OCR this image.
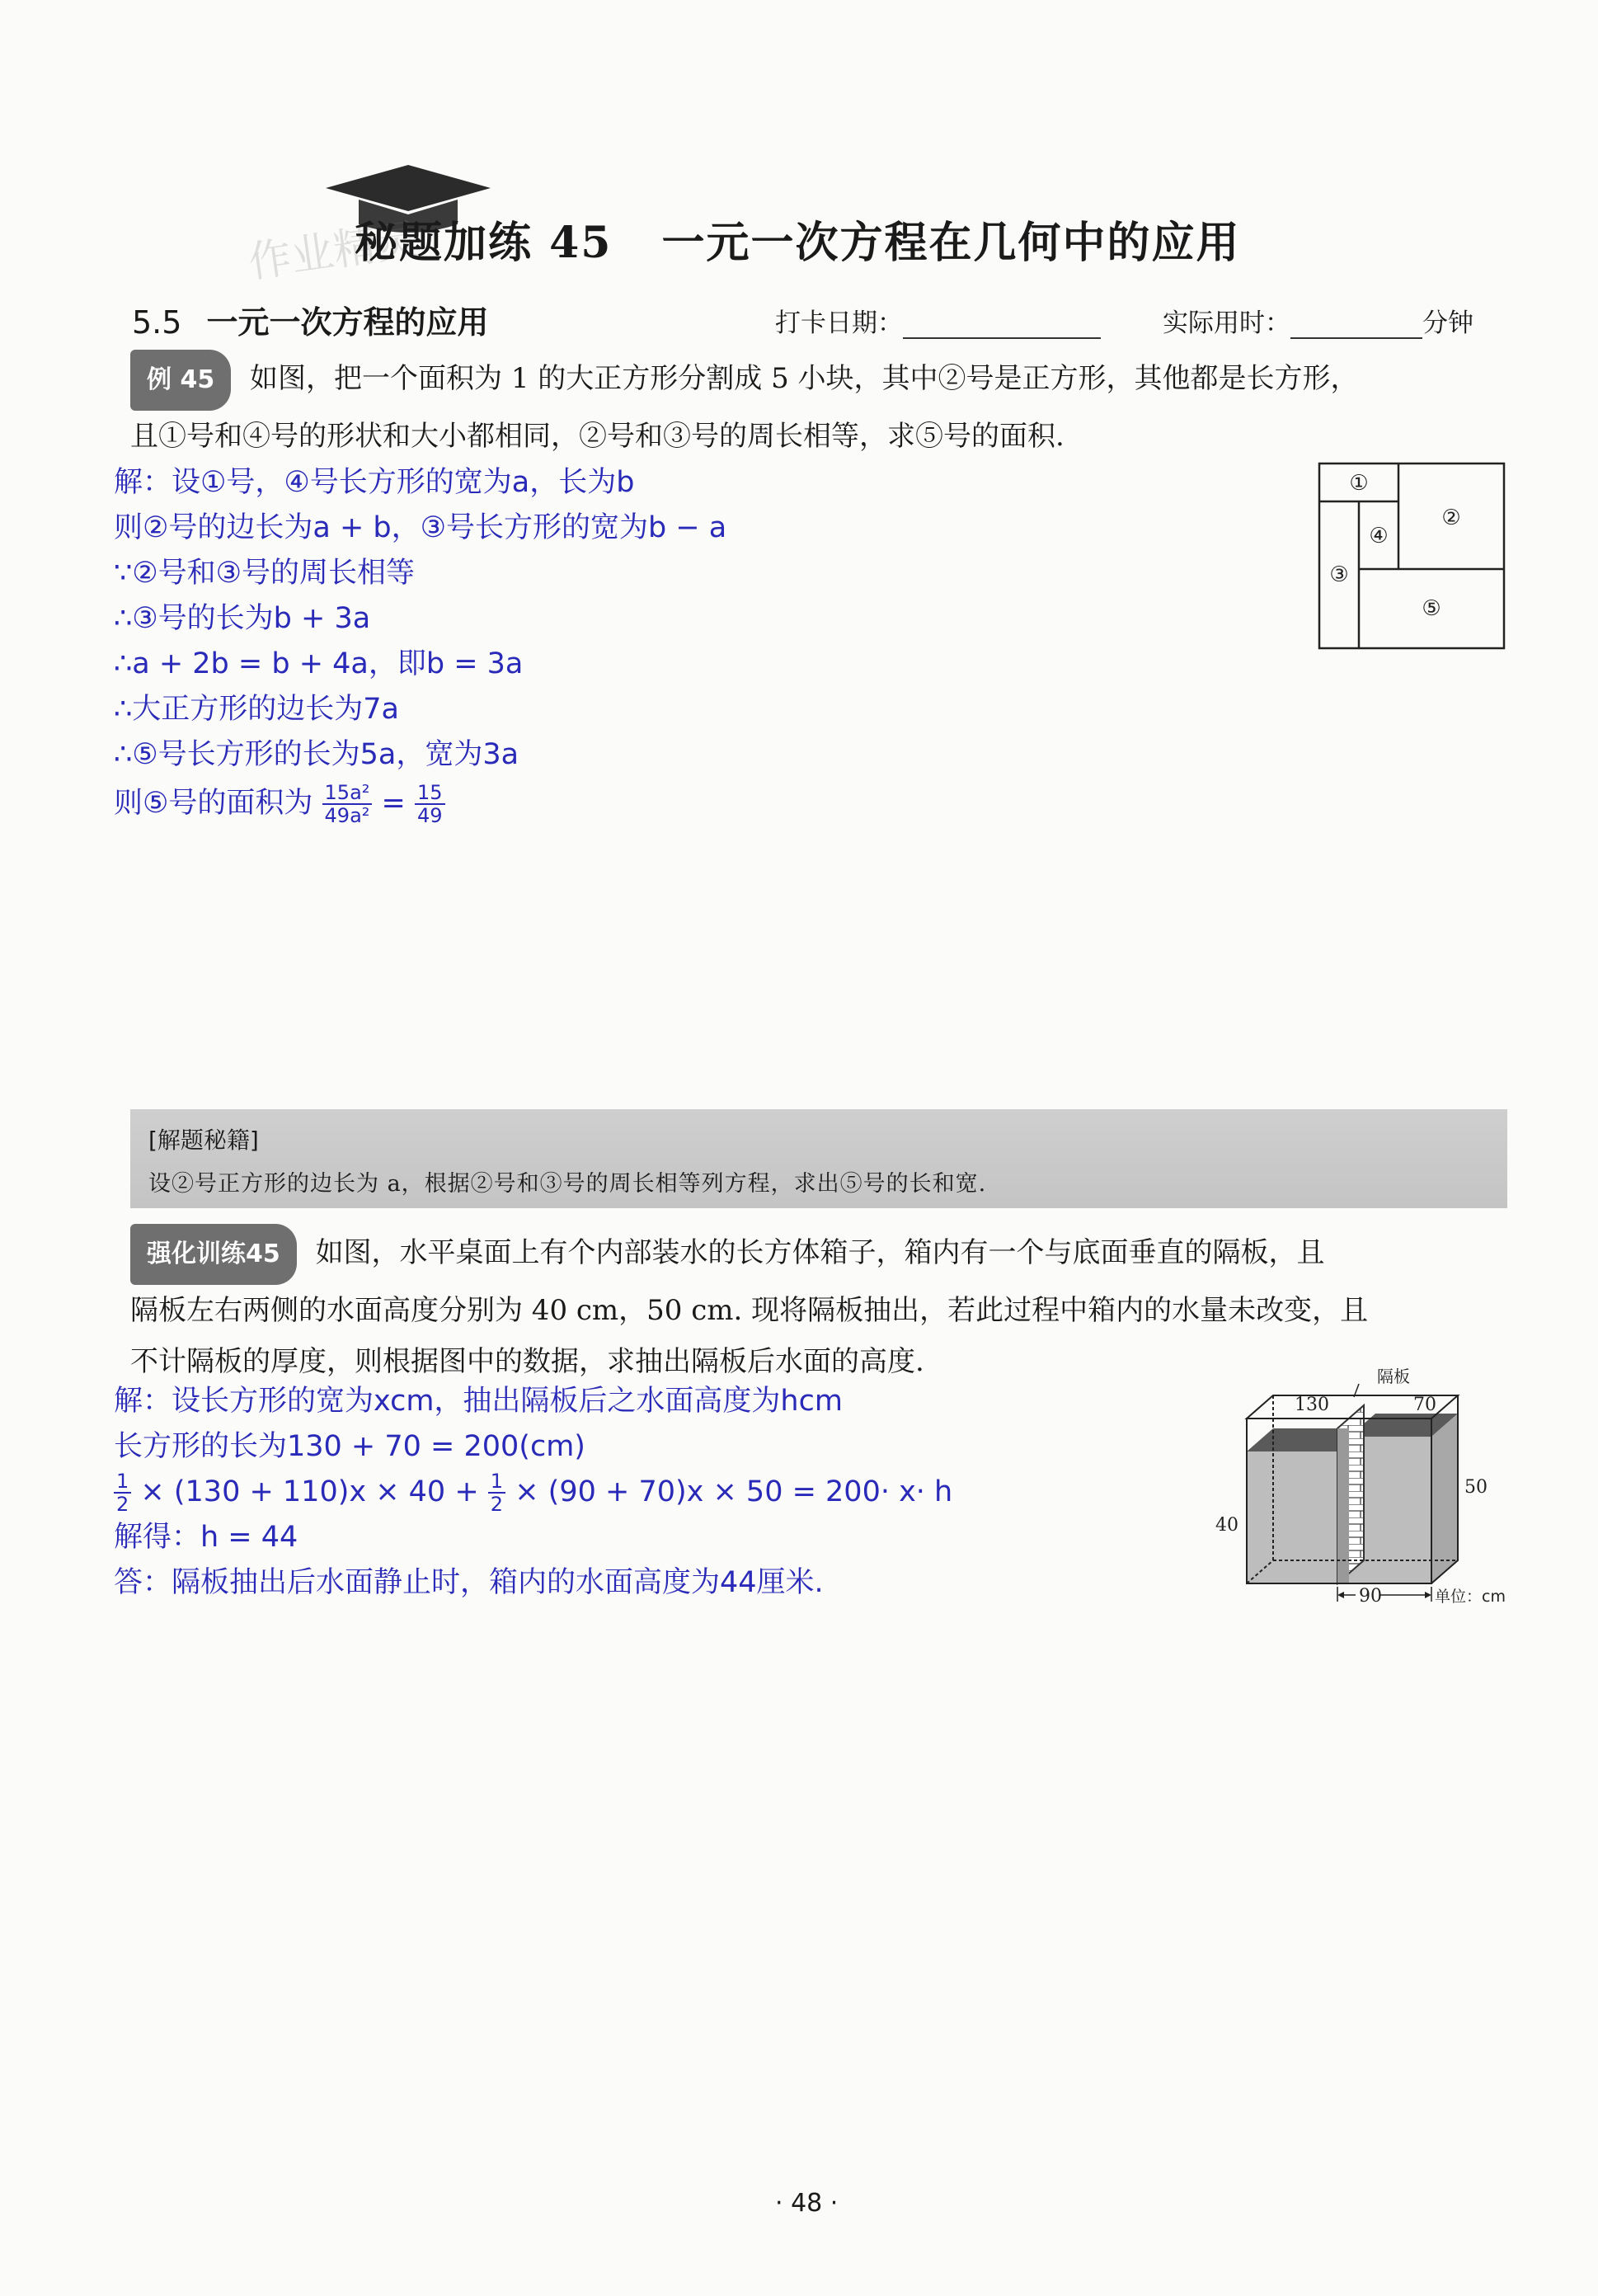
作业精灵
秘题加练 45 一元一次方程在几何中的应用
5.5 一元一次方程的应用	打卡日期：	实际用时：	分钟
例 45 如图，把一个面积为 1 的大正方形分割成 5 小块，其中②号是正方形，其他都是长方形，
且①号和④号的形状和大小都相同，②号和③号的周长相等，求⑤号的面积.
解：设①号，④号长方形的宽为a，长为b
则②号的边长为a + b，③号长方形的宽为b − a
∵②号和③号的周长相等
∴③号的长为b + 3a
∴a + 2b = b + 4a，即b = 3a
∴大正方形的边长为7a
∴⑤号长方形的长为5a，宽为3a
则⑤号的面积为 $\frac{\text{15a²}}{\text{49a²}} = \frac{15}{49}$
①
②
③
④
⑤
[解题秘籍]
设②号正方形的边长为 a，根据②号和③号的周长相等列方程，求出⑤号的长和宽.
强化训练45 如图，水平桌面上有个内部装水的长方体箱子，箱内有一个与底面垂直的隔板，且
隔板左右两侧的水面高度分别为 40 cm，50 cm. 现将隔板抽出，若此过程中箱内的水量未改变，且
不计隔板的厚度，则根据图中的数据，求抽出隔板后水面的高度.
解：设长方形的宽为xcm，抽出隔板后之水面高度为hcm
长方形的长为130 + 70 = 200(cm)
$\frac{1}{2} \times (130 + 110)x \times 40 + \frac{1}{2} \times (90 + 70)x \times 50 = 200\cdot x\cdot h$
解得：h = 44
答：隔板抽出后水面静止时，箱内的水面高度为44厘米.
130
隔板
70
50
40
90	单位：cm
· 48 ·
